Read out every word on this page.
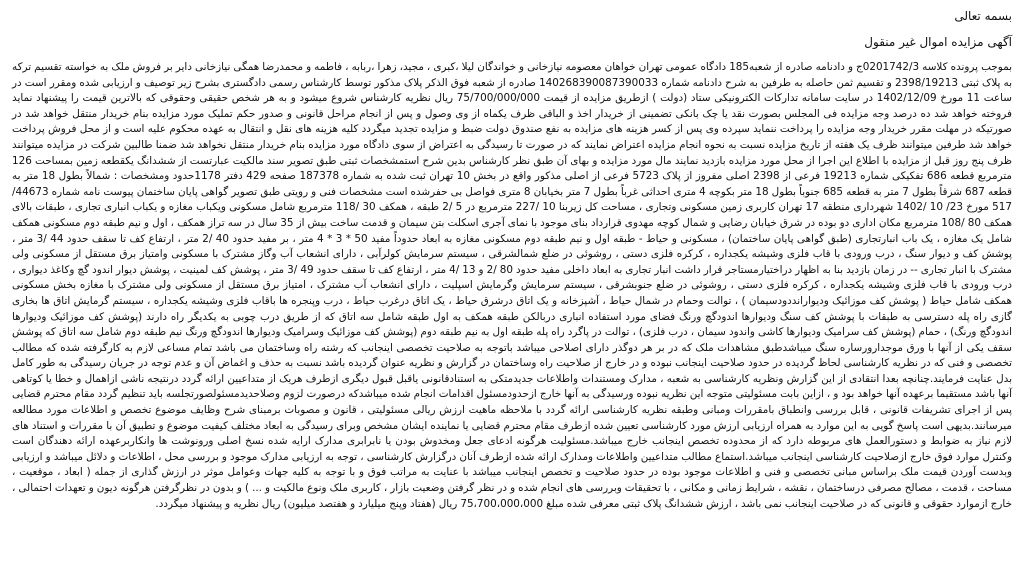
بسمه تعالی
آگهی مزایده اموال غیر منقول

بموجب پرونده کلاسه 0201742/3ج و دادنامه صادره از شعبه185 دادگاه عمومی تهران خواهان معصومه نیازخانی و خواندگان لیلا ،کبری ، مجید، زهرا ،ربابه ، فاطمه و محمدرضا همگی نیازخانی دایر بر فروش ملک به خواسته تقسیم ترکه به پلاک ثبتی 2398/19213 و تقسیم ثمن حاصله به طرفین به شرح دادنامه شماره 140268390087390033 صادره از شعبه فوق الذکر پلاک مذکور توسط کارشناس رسمی دادگستری بشرح زیر توصیف و ارزیابی شده ومقرر است در ساعت 11 مورخ 1402/12/09 در سایت سامانه تدارکات الکترونیکی ستاد (دولت ) ازطریق مزایده از قیمت 75/700/000/000 ریال نظریه کارشناس شروع میشود و به هر شخص حقیقی وحقوقی که بالاترین قیمت را پیشنهاد نماید فروخته خواهد شد ده درصد وجه مزایده فی المجلس بصورت نقد یا چک بانکی تضمینی از خریدار اخذ و الباقی ظرف یکماه از وی وصول و پس از انجام مراحل قانونی و صدور حکم تملیک مورد مزایده بنام خریدار منتقل خواهد شد در صورتیکه در مهلت مقرر خریدار وجه مزایده را پرداخت ننماید سپرده وی پس از کسر هزینه های مزایده به نفع صندوق دولت ضبط و مزایده تجدید میگردد کلیه هزینه های نقل و انتقال به عهده محکوم علیه است و از محل فروش پرداخت خواهد شد طرفین میتوانند ظرف یک هفته از تاریخ مزایده نسبت به نحوه انجام مزایده اعتراض نمایند که در صورت تا رسیدگی به اعتراض از سوی دادگاه مورد مزایده بنام خریدار منتقل نخواهد شد ضمنا طالبین شرکت در مزایده میتوانند ظرف پنج روز قبل از مزایده با اطلاع این اجرا از محل مورد مزایده بازدید نمایند مال مورد مزایده و بهای آن طبق نظر کارشناس بدین شرح استمشخصات ثبتی طبق تصویر سند مالکیت عبارتست از ششدانگ یکقطعه زمین بمساحت 126 مترمربع قطعه 686 تفکیکی شماره 19213 فرعی از 2398 اصلی مفروز از پلاک 5723 فرعی از اصلی مذکور واقع در بخش 10 تهران ثبت شده به شماره 187378 صفحه 429 دفتر 1178حدود ومشخصات : شمالاً بطول 18 متر به قطعه 687 شرقاً بطول 7 متر به قطعه 685 جنوباً بطول 18 متر بکوچه 4 متری احداثی غرباً بطول 7 متر بخیابان 8 متری فواصل بی حفرشده است مشخصات فنی و رویتی طبق تصویر گواهی پایان ساختمان پیوست نامه شماره 44673/ 517 مورخ 23/ 10 /1402 شهرداری منطقه 17 تهران کاربری زمین مسکونی وتجاری ، مساحت کل زیربنا 10 /227 مترمربع در 5 /2 طبقه ، همکف 30 /118 مترمربع شامل مسکونی ویکباب مغازه و یکباب انباری تجاری ، طبقات بالای همکف 80 /108 مترمربع مکان اداری دو بوده در شرق خیابان رضایی و شمال کوچه مهدوی قرارداد بنای موجود با نمای آجری اسکلت بتن سیمان و قدمت ساخت بیش از 35 سال در سه تراز همکف ، اول و نیم طبقه دوم مسکونی همکف شامل یک مغازه ، یک باب انبارتجاری (طبق گواهی پایان ساختمان) ، مسکونی و حیاط - طبقه اول و نیم طبقه دوم مسکونی مغازه به ابعاد حدوداً مفید 50 * 3 * 4 متر ، بر مفید حدود 40 /2 متر ، ارتفاع کف تا سقف حدود 44 /3 متر ، پوشش کف و دیوار سنگ ، درب ورودی با قاب فلزی وشیشه یکجداره ، کرکره فلزی دستی ، روشوئی در ضلع شمالشرقی ، سیستم سرمایش کولرآبی ، دارای انشعاب آب وگاز مشترک با مسکونی وامتیاز برق مستقل از مسکونی ولی مشترک با انبار تجاری -- در زمان بازدید بنا به اظهار دراختیارمستاجر قرار داشت انبار تجاری به ابعاد داخلی مفید حدود 80 /2 و 13 /4 متر ، ارتفاع کف تا سقف حدود 49 /3 متر ، پوشش کف لمینیت ، پوشش دیوار اندود گچ وکاغذ دیواری ، درب ورودی با قاب فلزی وشیشه یکجداره ، کرکره فلزی دستی ، روشوئی در ضلع جنوبشرقی ، سیستم سرمایش وگرمایش اسپلیت ، دارای انشعاب آب مشترک ، امتیاز برق مستقل از مسکونی ولی مشترک با مغازه بخش مسکونی همکف شامل حیاط ( پوشش کف موزائیک ودیوارانددودسیمان ) ، توالت وحمام در شمال حیاط ، آشپزخانه و یک اتاق درشرق حیاط ، یک اتاق درغرب حیاط ، درب وپنجره ها باقاب فلزی وشیشه یکجداره ، سیستم گرمایش اتاق ها بخاری گازی راه پله دسترسی به طبقات با پوشش کف سنگ ودیوارها اندودگچ ورنگ فضای مورد استفاده انباری دربالکن طبقه همکف به اول طبقه شامل سه اتاق که از طریق درب چوبی به یکدیگر راه دارند (پوشش کف موزائیک ودیوارها اندودگچ ورنگ) ، حمام (پوشش کف سرامیک ودیوارها کاشی واندود سیمان ، درب فلزی) ، توالت در پاگرد راه پله طبقه اول به نیم طبقه دوم (پوشش کف موزائیک وسرامیک ودیوارها اندودگچ ورنگ نیم طبقه دوم شامل سه اتاق که پوشش سقف یکی از آنها با ورق موجدارورساره سنگ میباشدطبق مشاهدات ملک که در بر هر دوگذر دارای اصلاحی میباشد باتوجه به صلاحیت تخصصی اینجانب که رشته راه وساختمان می باشد تمام مساعی لازم به کارگرفته شده که مطالب تخصصی و فنی که در نظریه کارشناسی لحاظ گردیده در حدود صلاحیت اینجانب نبوده و در خارج از صلاحیت راه وساختمان در گزارش و نظریه عنوان گردیده باشد نسبت به حذف و اغماض آن و عدم توجه در جریان رسیدگی به طور کامل بدل عنایت فرمایند.چنانچه بعدا انتقادی از این گزارش ونظریه کارشناسی به شعبه ، مدارک ومستندات واطلاعات جدیدمتکی به استنادقانونی یاقبل قبول دیگری ازطرف هریک از متداعیین ارائه گردد درنتیجه ناشی ازاهمال و خطا یا کوتاهی آنها باشد مستقیما برعهده آنها خواهد بود و ، ازاین بابت مسئولیتی متوجه این نظریه نبوده ورسیدگی به آنها خارج ازحدودمسئول اقدامات انجام شده میباشدکه درصورت لزوم وصلاحدیدمسئولصورتجلسه باید تنظیم گردد مقام محترم قضایی پس از اجرای تشریفات قانونی ، قابل بررسی وانطباق بامقررات ومبانی وطبقه نظریه کارشناسی ارائه گردد با ملاحظه ماهیت ارزش ریالی مسئولیتی ، قانون و مصوبات برمبنای شرح وظایف موضوع تخصص و اطلاعات مورد مطالعه میرسانند.بدیهی است پاسخ گویی به این موارد به همراه ارزیابی ارزش مورد کارشناسی تعیین شده ازطرف مقام محترم قضایی یا نماینده ایشان مشخص وبرای رسیدگی به ابعاد مختلف کیفیت موضوع و تطبیق آن با مقررات و استناد های لازم نیاز به ضوابط و دستورالعمل های مربوطه دارد که از محدوده تخصص اینجانب خارج میباشد.مسئولیت هرگونه ادعای جعل ومخدوش بودن یا نابرابری مدارک ارایه شده نسخ اصلی ورونوشت ها وانکاربرعهده ارائه دهندگان است وکنترل موارد فوق خارج ازصلاحیت کارشناسی اینجانب میباشد.استماع مطالب متداعیین واطلاعات ومدارک ارائه شده ازطرف آنان درگزارش کارشناسی ، توجه به ارزیابی مدارک موجود و بررسی محل ، اطلاعات و دلائل میباشد و ارزیابی وبدست آوردن قیمت ملک براساس مبانی تخصصی و فنی و اطلاعات موجود بوده در حدود صلاحیت و تخصص اینجانب میباشد با عنایت به مراتب فوق و با توجه به کلیه جهات وعوامل موثر در ارزش گذاری از جمله ( ابعاد ، موقعیت ، مساحت ، قدمت ، مصالح مصرفی درساختمان ، نقشه ، شرایط زمانی و مکانی ، با تحقیقات وبررسی های انجام شده و در نظر گرفتن وضعیت بازار ، کاربری ملک ونوع مالکیت و ... ) و بدون در نظرگرفتن هرگونه دیون و تعهدات احتمالی ، خارج ازموارد حقوقی و قانونی که در صلاحیت اینجانب نمی باشد ، ارزش ششدانگ پلاک ثبتی معرفی شده مبلغ 75،700،000،000 ریال (هفتاد وپنج میلیارد و هفتصد میلیون) ریال نظریه و پیشنهاد میگردد.
